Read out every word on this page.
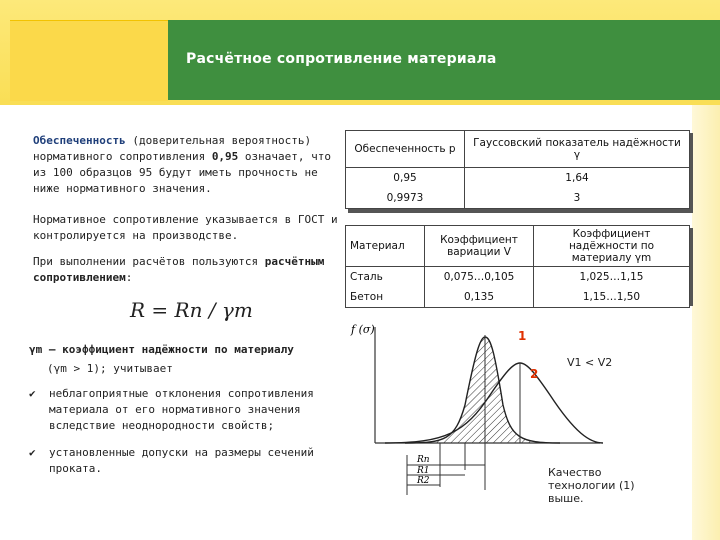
Расчётное сопротивление материала
Обеспеченность (доверительная вероятность) нормативного сопротивления 0,95 означает, что из 100 образцов 95 будут иметь прочность не ниже нормативного значения.
Нормативное сопротивление указывается в ГОСТ и контролируется на производстве.
При выполнении расчётов пользуются расчётным сопротивлением:
R = Rn / γm
γm – коэффициент надёжности по материалу
(γm > 1); учитывает
✔ неблагоприятные отклонения сопротивления материала от его нормативного значения вследствие неоднородности свойств;
✔ установленные допуски на размеры сечений проката.
Обеспеченность p	Гауссовский показатель надёжности γ
0,95	1,64
0,9973	3
Материал	Коэффициент вариации V	Коэффициент надёжности по материалу γm
Сталь	0,075…0,105	1,025…1,15
Бетон	0,135	1,15…1,50
f (σ)
Rn
R1
R2
1
2
V1 < V2
Качество технологии (1) выше.
